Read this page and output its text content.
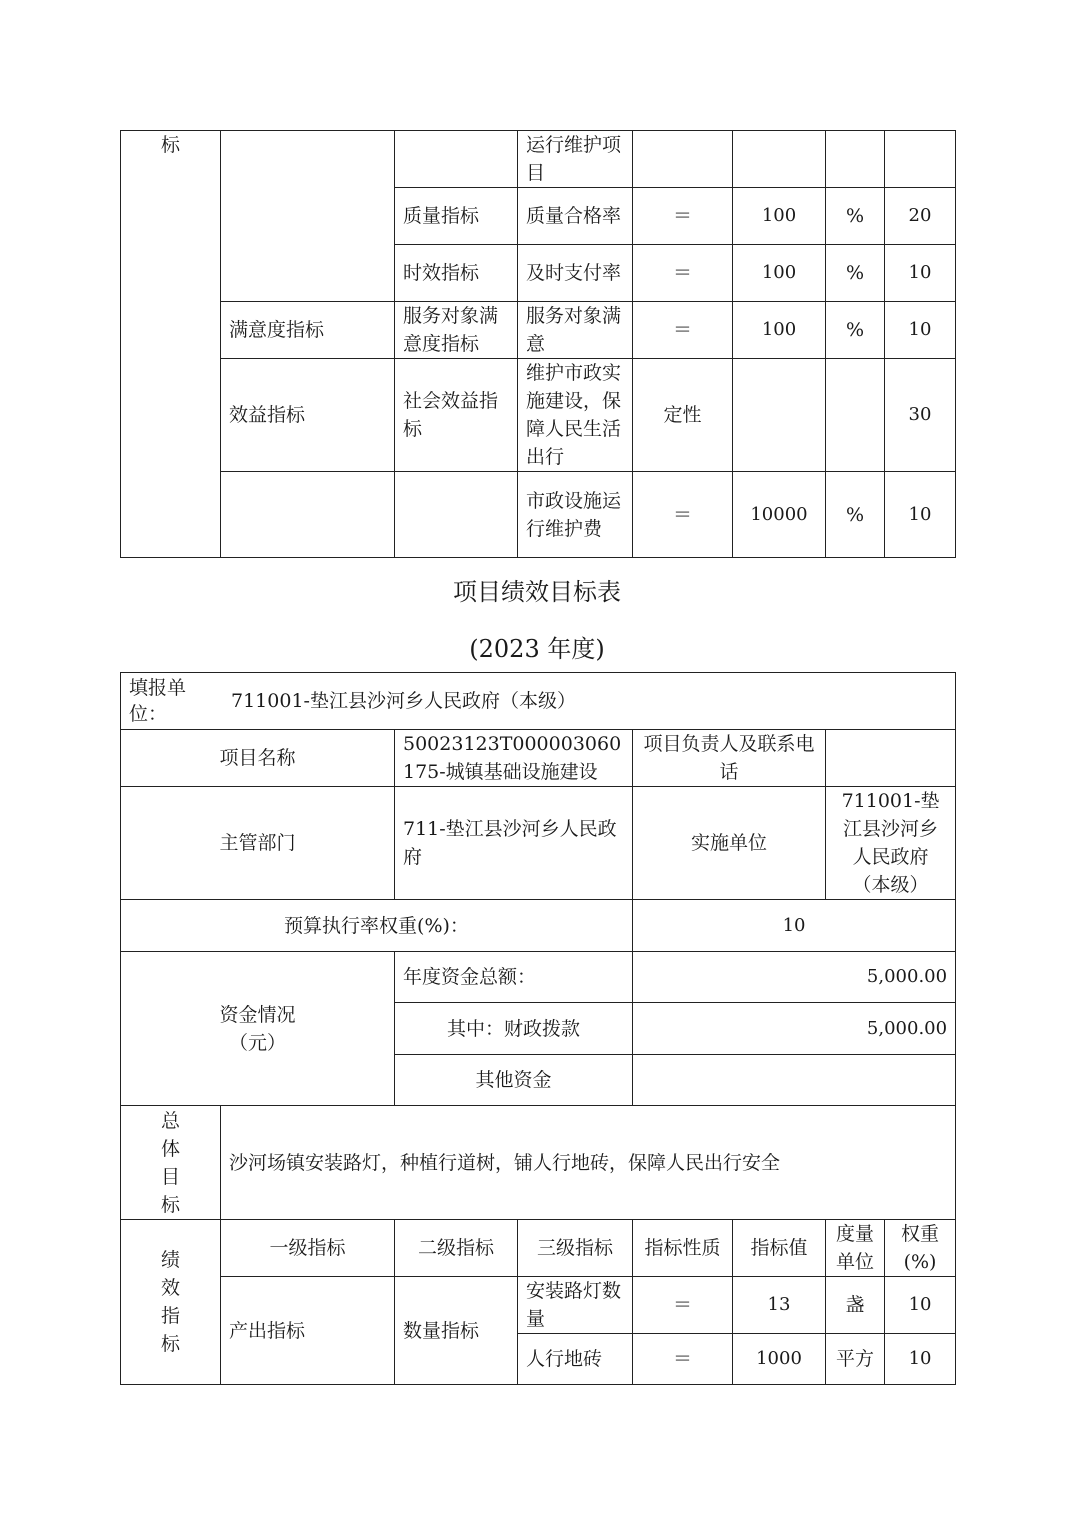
标			运行维护项目				
		质量指标	质量合格率	＝	100	%	20
		时效指标	及时支付率	＝	100	%	10
	满意度指标	服务对象满意度指标	服务对象满意	＝	100	%	10
	效益指标	社会效益指标	维护市政实施建设，保障人民生活出行	定性			30
			市政设施运行维护费	＝	10000	%	10
项目绩效目标表
(2023 年度)
填报单位：
711001-垫江县沙河乡人民政府（本级）							

项目名称		50023123T000003060175-城镇基础设施建设		项目负责人及联系电话			
主管部门		711-垫江县沙河乡人民政府		实施单位		711001-垫江县沙河乡人民政府（本级）	
预算执行率权重(%)：				10			

资金情况（元）		年度资金总额：		5,000.00			
		其中：财政拨款		5,000.00			
		其他资金					

总体目标	沙河场镇安装路灯，种植行道树，铺人行地砖，保障人民出行安全						

绩效指标	一级指标	二级指标	三级指标	指标性质	指标值	度量单位	权重(%)
	产出指标	数量指标	安装路灯数量	＝	13	盏	10
			人行地砖	＝	1000	平方	10
